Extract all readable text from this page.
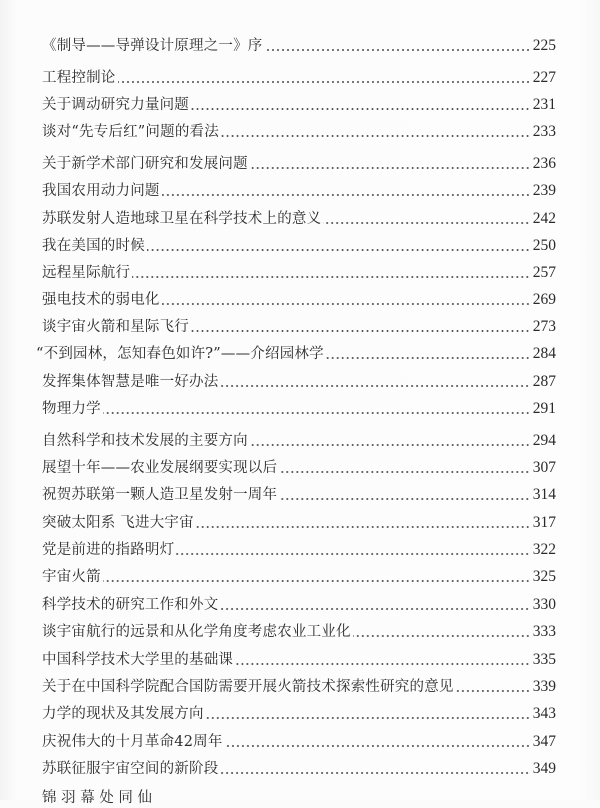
《制导——导弹设计原理之一》序	225
工程控制论	227
关于调动研究力量问题	231
谈对“先专后红”问题的看法	233
关于新学术部门研究和发展问题	236
我国农用动力问题	239
苏联发射人造地球卫星在科学技术上的意义	242
我在美国的时候	250
远程星际航行	257
强电技术的弱电化	269
谈宇宙火箭和星际飞行	273
“不到园林，怎知春色如许?”——介绍园林学	284
发挥集体智慧是唯一好办法	287
物理力学	291
自然科学和技术发展的主要方向	294
展望十年——农业发展纲要实现以后	307
祝贺苏联第一颗人造卫星发射一周年	314
突破太阳系 飞进大宇宙	317
党是前进的指路明灯	322
宇宙火箭	325
科学技术的研究工作和外文	330
谈宇宙航行的远景和从化学角度考虑农业工业化	333
中国科学技术大学里的基础课	335
关于在中国科学院配合国防需要开展火箭技术探索性研究的意见	339
力学的现状及其发展方向	343
庆祝伟大的十月革命42周年	347
苏联征服宇宙空间的新阶段	349
锦 羽 幕 处 同 仙
